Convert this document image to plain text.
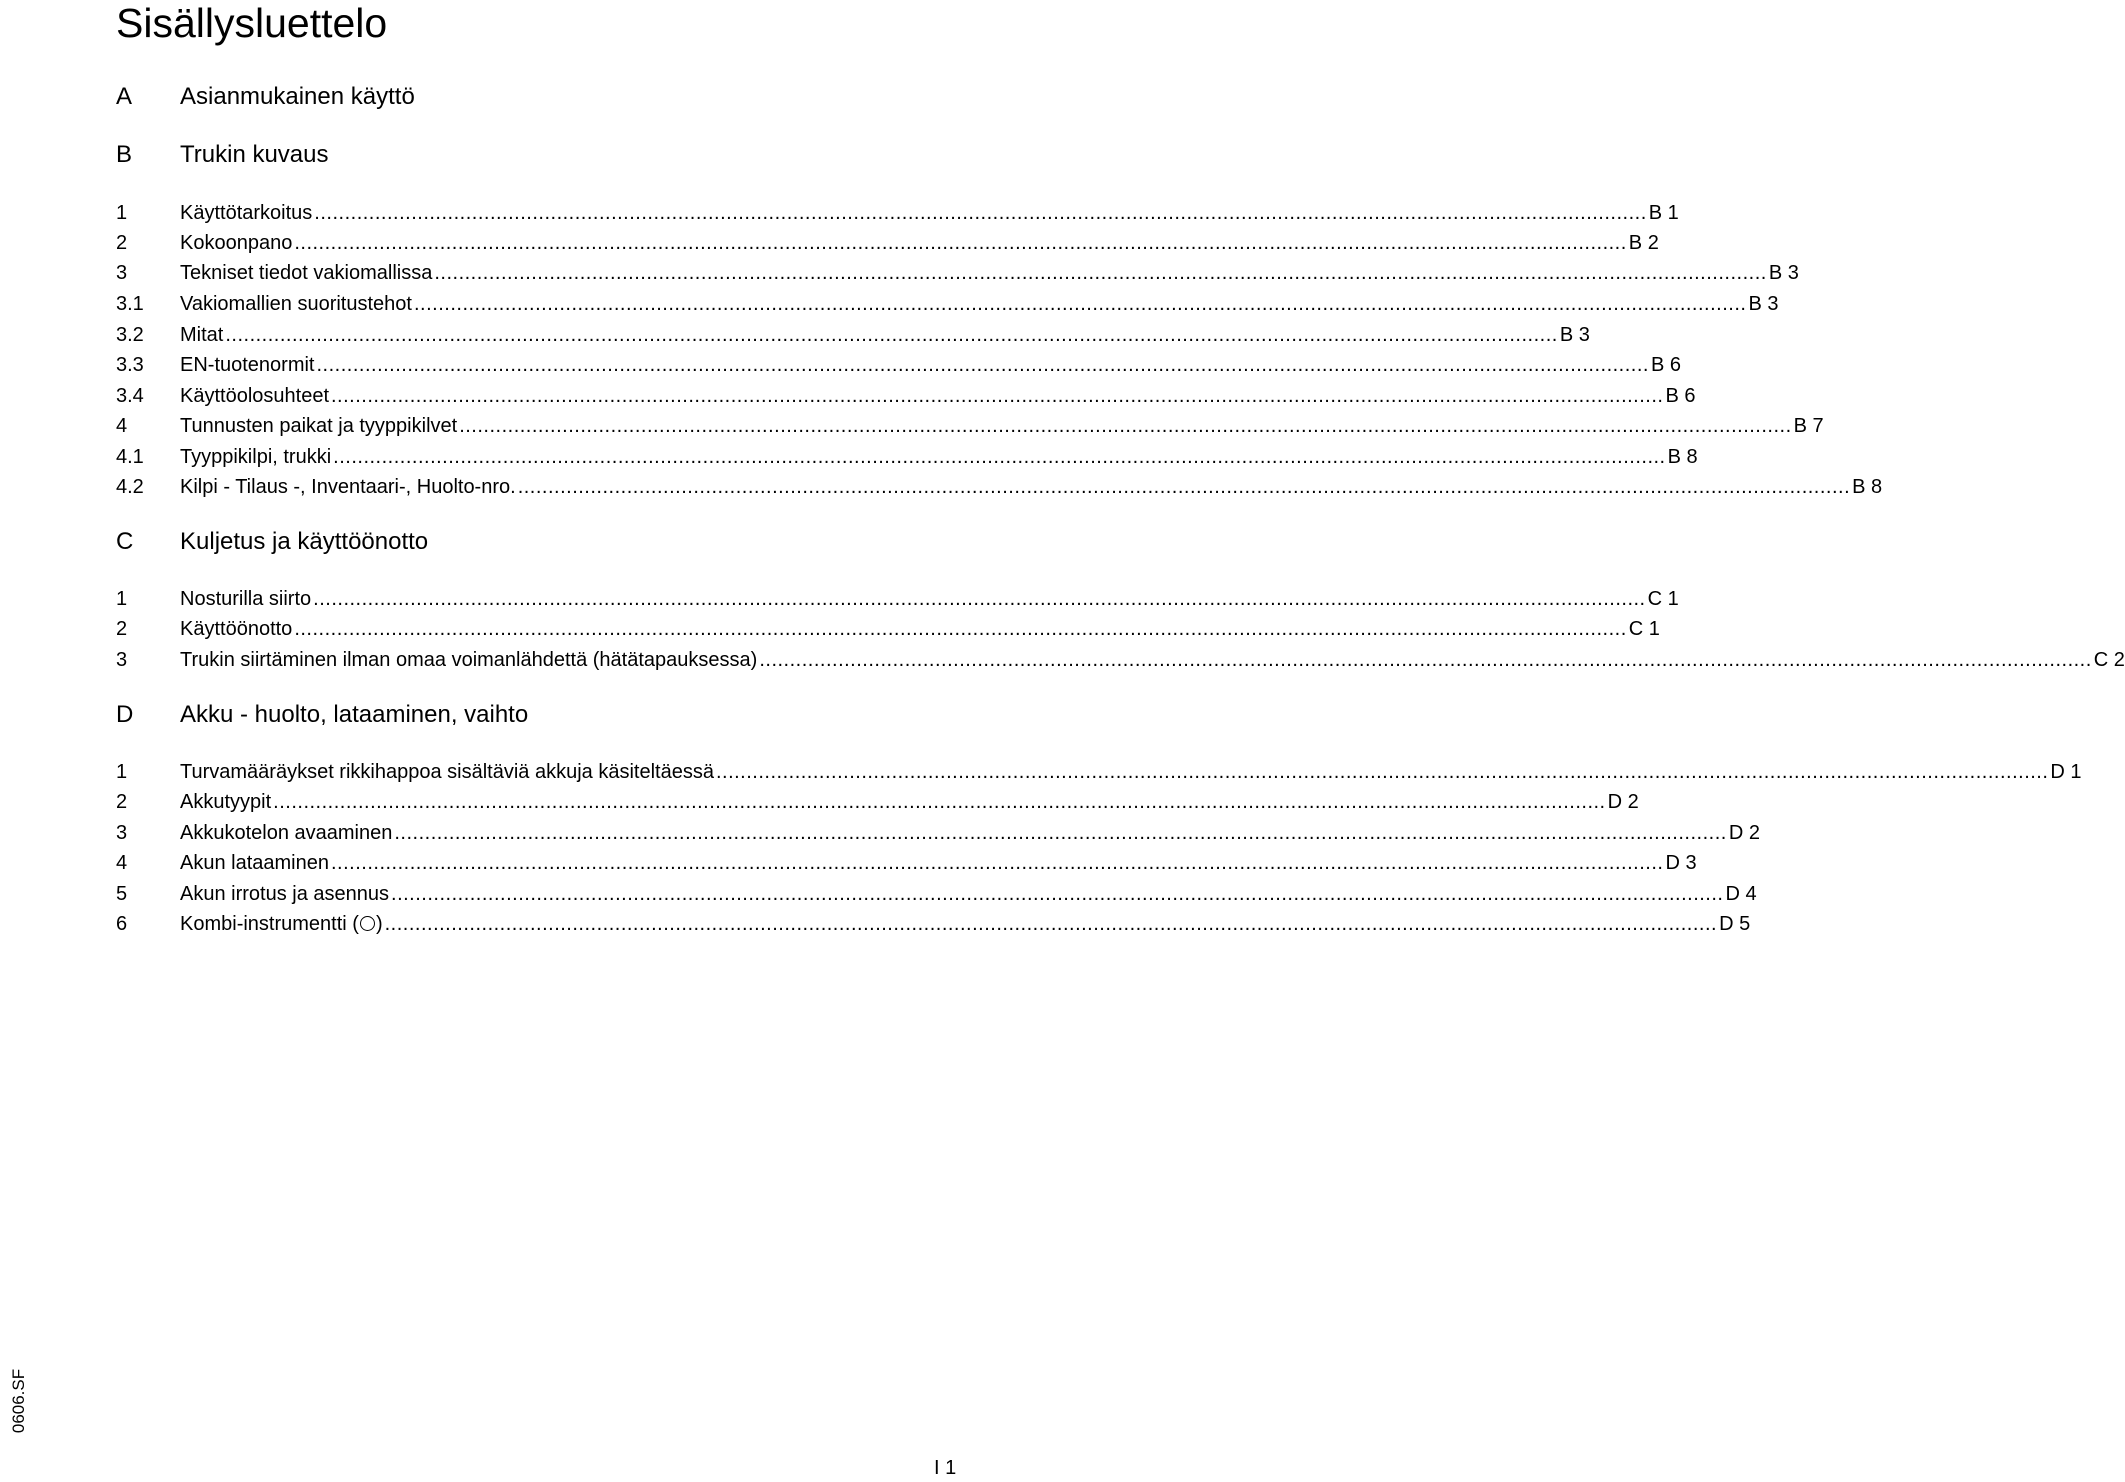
Sisällysluettelo
A Asianmukainen käyttö
B Trukin kuvaus
1	Käyttötarkoitus ............................................................................................................................................................................................................................ B 1
2	Kokoonpano ............................................................................................................................................................................................................................ B 2
3	Tekniset tiedot vakiomallissa ............................................................................................................................................................................................................................ B 3
3.1 Vakiomallien suoritustehot ............................................................................................................................................................................................................................ B 3
3.2 Mitat ............................................................................................................................................................................................................................ B 3
3.3 EN-tuotenormit ............................................................................................................................................................................................................................ B 6
3.4 Käyttöolosuhteet ............................................................................................................................................................................................................................ B 6
4	Tunnusten paikat ja tyyppikilvet ............................................................................................................................................................................................................................ B 7
4.1 Tyyppikilpi, trukki ............................................................................................................................................................................................................................ B 8
4.2 Kilpi - Tilaus -, Inventaari-, Huolto-nro. ............................................................................................................................................................................................................................ B 8
C Kuljetus ja käyttöönotto
1	Nosturilla siirto ............................................................................................................................................................................................................................ C 1
2	Käyttöönotto ............................................................................................................................................................................................................................ C 1
3	Trukin siirtäminen ilman omaa voimanlähdettä (hätätapauksessa) ............................................................................................................................................................................................................................ C 2
D Akku - huolto, lataaminen, vaihto
1	Turvamääräykset rikkihappoa sisältäviä akkuja käsiteltäessä ............................................................................................................................................................................................................................ D 1
2	Akkutyypit ............................................................................................................................................................................................................................ D 2
3	Akkukotelon avaaminen ............................................................................................................................................................................................................................ D 2
4	Akun lataaminen ............................................................................................................................................................................................................................ D 3
5	Akun irrotus ja asennus ............................................................................................................................................................................................................................ D 4
6	Kombi-instrumentti ( ) ............................................................................................................................................................................................................................ D 5
0606.SF
I 1
